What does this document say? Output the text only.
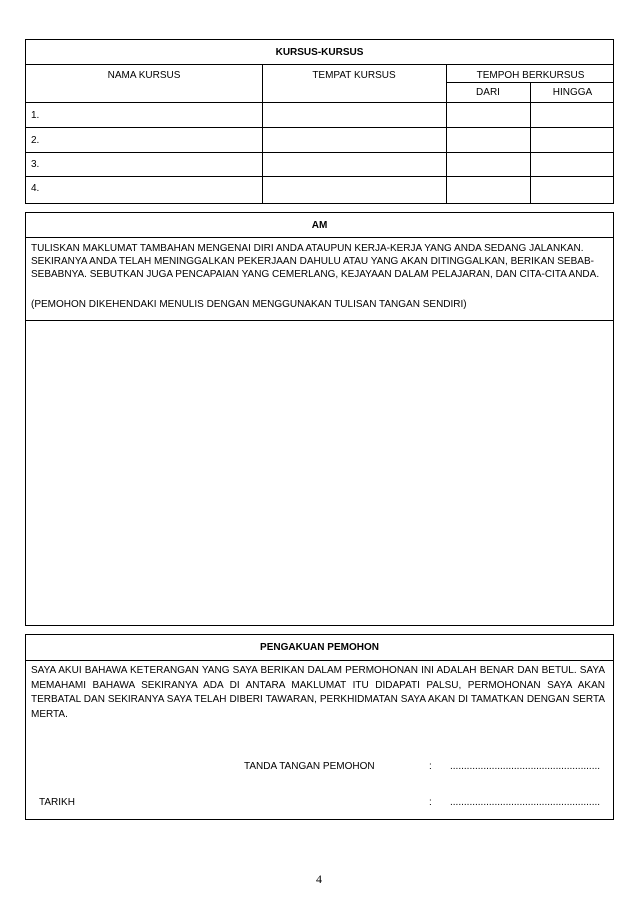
KURSUS-KURSUS
NAMA KURSUS	TEMPAT KURSUS	TEMPOH BERKURSUS
DARI	HINGGA
1.
2.
3.
4.
AM
TULISKAN MAKLUMAT TAMBAHAN MENGENAI DIRI ANDA ATAUPUN KERJA-KERJA YANG ANDA SEDANG JALANKAN. SEKIRANYA ANDA TELAH MENINGGALKAN PEKERJAAN DAHULU ATAU YANG AKAN DITINGGALKAN, BERIKAN SEBAB-SEBABNYA. SEBUTKAN JUGA PENCAPAIAN YANG CEMERLANG, KEJAYAAN DALAM PELAJARAN, DAN CITA-CITA ANDA.
(PEMOHON DIKEHENDAKI MENULIS DENGAN MENGGUNAKAN TULISAN TANGAN SENDIRI)
PENGAKUAN PEMOHON
SAYA AKUI BAHAWA KETERANGAN YANG SAYA BERIKAN DALAM PERMOHONAN INI ADALAH BENAR DAN BETUL. SAYA MEMAHAMI BAHAWA SEKIRANYA ADA DI ANTARA MAKLUMAT ITU DIDAPATI PALSU, PERMOHONAN SAYA AKAN TERBATAL DAN SEKIRANYA SAYA TELAH DIBERI TAWARAN, PERKHIDMATAN SAYA AKAN DI TAMATKAN DENGAN SERTA MERTA.
TANDA TANGAN PEMOHON	: ......................................................
TARIKH	: ......................................................
4
